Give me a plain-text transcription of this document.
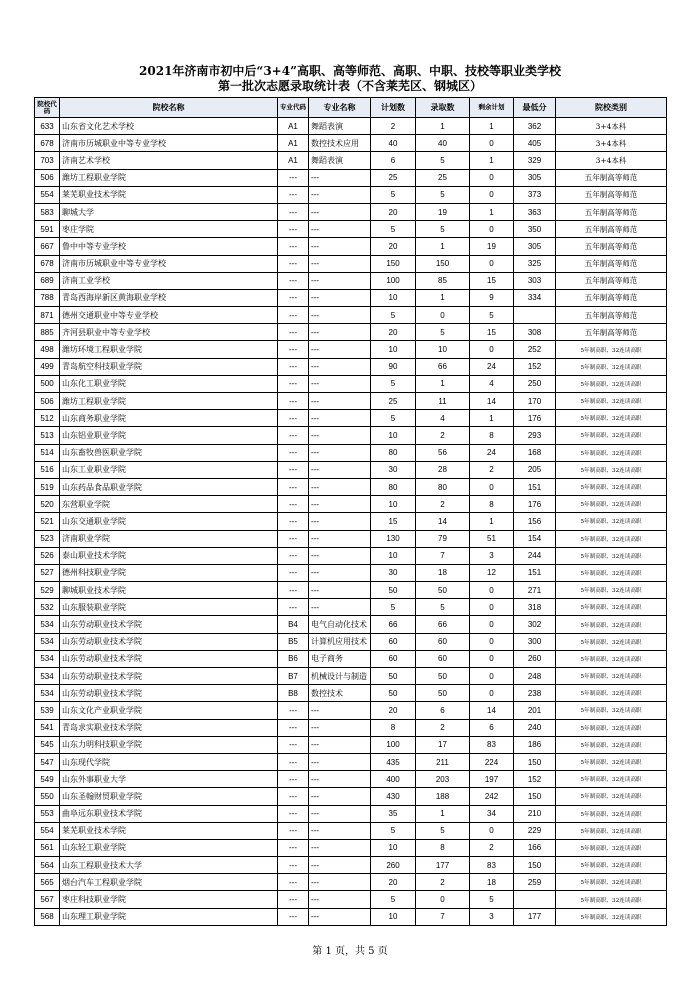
2021年济南市初中后“3+4”高职、高等师范、高职、中职、技校等职业类学校
第一批次志愿录取统计表（不含莱芜区、钢城区）
院校代码	院校名称	专业代码	专业名称	计划数	录取数	剩余计划	最低分	院校类别
633	山东省文化艺术学校	A1	舞蹈表演	2	1	1	362	3+4本科
678	济南市历城职业中等专业学校	A1	数控技术应用	40	40	0	405	3+4本科
703	济南艺术学校	A1	舞蹈表演	6	5	1	329	3+4本科
506	潍坊工程职业学院	---	---	25	25	0	305	五年制高等师范
554	莱芜职业技术学院	---	---	5	5	0	373	五年制高等师范
583	聊城大学	---	---	20	19	1	363	五年制高等师范
591	枣庄学院	---	---	5	5	0	350	五年制高等师范
667	鲁中中等专业学校	---	---	20	1	19	305	五年制高等师范
678	济南市历城职业中等专业学校	---	---	150	150	0	325	五年制高等师范
689	济南工业学校	---	---	100	85	15	303	五年制高等师范
788	青岛西海岸新区黄海职业学校	---	---	10	1	9	334	五年制高等师范
871	德州交通职业中等专业学校	---	---	5	0	5		五年制高等师范
885	齐河县职业中等专业学校	---	---	20	5	15	308	五年制高等师范
498	潍坊环境工程职业学院	---	---	10	10	0	252	5年制高职、32连读高职
499	青岛航空科技职业学院	---	---	90	66	24	152	5年制高职、32连读高职
500	山东化工职业学院	---	---	5	1	4	250	5年制高职、32连读高职
506	潍坊工程职业学院	---	---	25	11	14	170	5年制高职、32连读高职
512	山东商务职业学院	---	---	5	4	1	176	5年制高职、32连读高职
513	山东铝业职业学院	---	---	10	2	8	293	5年制高职、32连读高职
514	山东畜牧兽医职业学院	---	---	80	56	24	168	5年制高职、32连读高职
516	山东工业职业学院	---	---	30	28	2	205	5年制高职、32连读高职
519	山东药品食品职业学院	---	---	80	80	0	151	5年制高职、32连读高职
520	东营职业学院	---	---	10	2	8	176	5年制高职、32连读高职
521	山东交通职业学院	---	---	15	14	1	156	5年制高职、32连读高职
523	济南职业学院	---	---	130	79	51	154	5年制高职、32连读高职
526	泰山职业技术学院	---	---	10	7	3	244	5年制高职、32连读高职
527	德州科技职业学院	---	---	30	18	12	151	5年制高职、32连读高职
529	聊城职业技术学院	---	---	50	50	0	271	5年制高职、32连读高职
532	山东服装职业学院	---	---	5	5	0	318	5年制高职、32连读高职
534	山东劳动职业技术学院	B4	电气自动化技术	66	66	0	302	5年制高职、32连读高职
534	山东劳动职业技术学院	B5	计算机应用技术	60	60	0	300	5年制高职、32连读高职
534	山东劳动职业技术学院	B6	电子商务	60	60	0	260	5年制高职、32连读高职
534	山东劳动职业技术学院	B7	机械设计与制造	50	50	0	248	5年制高职、32连读高职
534	山东劳动职业技术学院	B8	数控技术	50	50	0	238	5年制高职、32连读高职
539	山东文化产业职业学院	---	---	20	6	14	201	5年制高职、32连读高职
541	青岛求实职业技术学院	---	---	8	2	6	240	5年制高职、32连读高职
545	山东力明科技职业学院	---	---	100	17	83	186	5年制高职、32连读高职
547	山东现代学院	---	---	435	211	224	150	5年制高职、32连读高职
549	山东外事职业大学	---	---	400	203	197	152	5年制高职、32连读高职
550	山东圣翰财贸职业学院	---	---	430	188	242	150	5年制高职、32连读高职
553	曲阜远东职业技术学院	---	---	35	1	34	210	5年制高职、32连读高职
554	莱芜职业技术学院	---	---	5	5	0	229	5年制高职、32连读高职
561	山东轻工职业学院	---	---	10	8	2	166	5年制高职、32连读高职
564	山东工程职业技术大学	---	---	260	177	83	150	5年制高职、32连读高职
565	烟台汽车工程职业学院	---	---	20	2	18	259	5年制高职、32连读高职
567	枣庄科技职业学院	---	---	5	0	5		5年制高职、32连读高职
568	山东理工职业学院	---	---	10	7	3	177	5年制高职、32连读高职
第 1 页，共 5 页
